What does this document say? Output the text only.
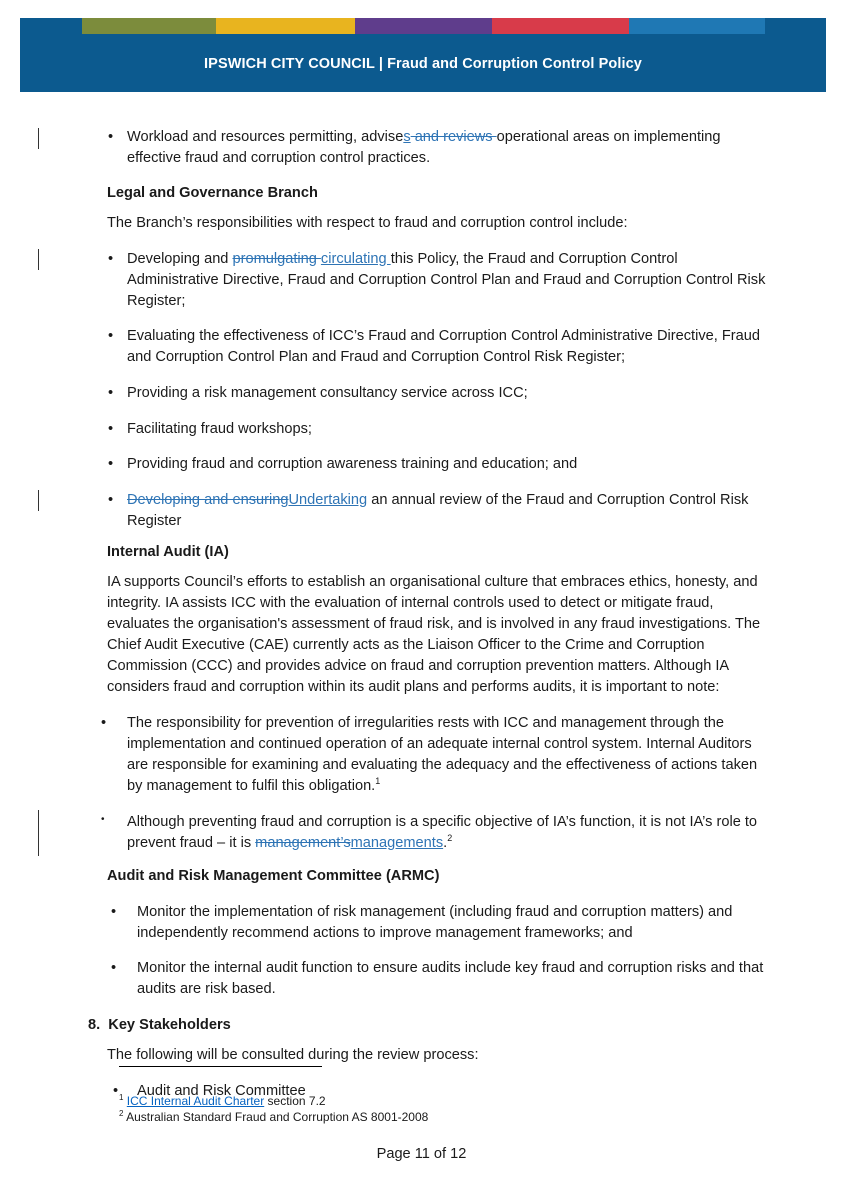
IPSWICH CITY COUNCIL | Fraud and Corruption Control Policy
• Workload and resources permitting, advises and reviews operational areas on implementing effective fraud and corruption control practices.

Legal and Governance Branch
The Branch’s responsibilities with respect to fraud and corruption control include:
• Developing and promulgating circulating this Policy, the Fraud and Corruption Control Administrative Directive, Fraud and Corruption Control Plan and Fraud and Corruption Control Risk Register;

• Evaluating the effectiveness of ICC’s Fraud and Corruption Control Administrative Directive, Fraud and Corruption Control Plan and Fraud and Corruption Control Risk Register;

• Providing a risk management consultancy service across ICC;

• Facilitating fraud workshops;

• Providing fraud and corruption awareness training and education; and

• Developing and ensuringUndertaking an annual review of the Fraud and Corruption Control Risk Register

Internal Audit (IA)
IA supports Council’s efforts to establish an organisational culture that embraces ethics, honesty, and integrity. IA assists ICC with the evaluation of internal controls used to detect or mitigate fraud, evaluates the organisation's assessment of fraud risk, and is involved in any fraud investigations. The Chief Audit Executive (CAE) currently acts as the Liaison Officer to the Crime and Corruption Commission (CCC) and provides advice on fraud and corruption prevention matters. Although IA considers fraud and corruption within its audit plans and performs audits, it is important to note:
• The responsibility for prevention of irregularities rests with ICC and management through the implementation and continued operation of an adequate internal control system. Internal Auditors are responsible for examining and evaluating the adequacy and the effectiveness of actions taken by management to fulfil this obligation.$^1$

• Although preventing fraud and corruption is a specific objective of IA’s function, it is not IA’s role to prevent fraud – it is management’smanagements.$^2$

Audit and Risk Management Committee (ARMC)
• Monitor the implementation of risk management (including fraud and corruption matters) and independently recommend actions to improve management frameworks; and

• Monitor the internal audit function to ensure audits include key fraud and corruption risks and that audits are risk based.

8. Key Stakeholders
The following will be consulted during the review process:
• Audit and Risk Committee

$^1$ ICC Internal Audit Charter section 7.2
$^2$ Australian Standard Fraud and Corruption AS 8001-2008
Page 11 of 12
